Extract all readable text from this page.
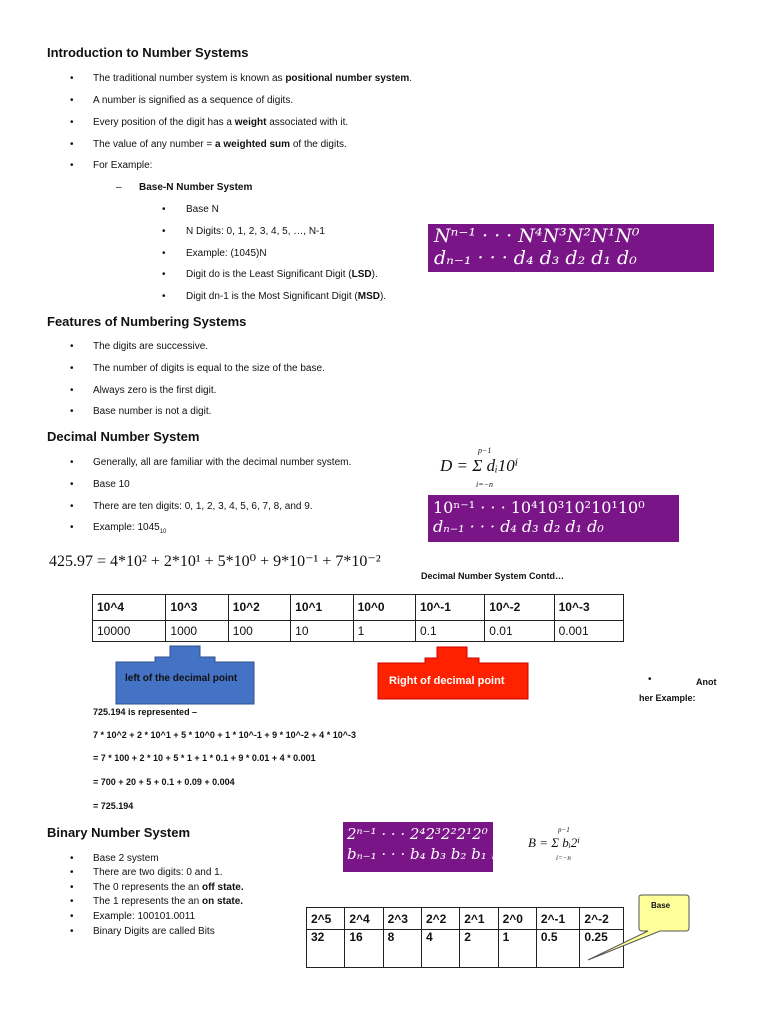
Introduction to Number Systems
• The traditional number system is known as positional number system.
• A number is signified as a sequence of digits.
• Every position of the digit has a weight associated with it.
• The value of any number = a weighted sum of the digits.
• For Example:
– Base-N Number System
• Base N
• N Digits: 0, 1, 2, 3, 4, 5, …, N-1
• Example: (1045)N
• Digit do is the Least Significant Digit (LSD).
• Digit dn-1 is the Most Significant Digit (MSD).
Nⁿ⁻¹ · · · N⁴N³N²N¹N⁰
dₙ₋₁ · · · d₄ d₃ d₂ d₁ d₀
Features of Numbering Systems
• The digits are successive.
• The number of digits is equal to the size of the base.
• Always zero is the first digit.
• Base number is not a digit.
Decimal Number System
• Generally, all are familiar with the decimal number system.
• Base 10
• There are ten digits: 0, 1, 2, 3, 4, 5, 6, 7, 8, and 9.
• Example: $1045_{10}$
p−1
D = Σ dᵢ10ⁱ
i=−n
10ⁿ⁻¹ · · · 10⁴10³10²10¹10⁰
dₙ₋₁ · · · d₄ d₃ d₂ d₁ d₀
425.97 = 4*10² + 2*10¹ + 5*10⁰ + 9*10⁻¹ + 7*10⁻²
Decimal Number System Contd…
10^4	10^3	10^2	10^1	10^0	10^-1	10^-2	10^-3
10000	1000	100	10	1	0.1	0.01	0.001
left of the decimal point	Right of decimal point	•	Anot
her Example:
725.194 is represented –
7 * 10^2 + 2 * 10^1 + 5 * 10^0 + 1 * 10^-1 + 9 * 10^-2 + 4 * 10^-3
= 7 * 100 + 2 * 10 + 5 * 1 + 1 * 0.1 + 9 * 0.01 + 4 * 0.001
= 700 + 20 + 5 + 0.1 + 0.09 + 0.004
= 725.194
Binary Number System
• Base 2 system
• There are two digits: 0 and 1.
• The 0 represents the an off state.
• The 1 represents the an on state.
• Example: 100101.0011
• Binary Digits are called Bits
2ⁿ⁻¹ · · · 2⁴2³2²2¹2⁰
bₙ₋₁ · · · b₄ b₃ b₂ b₁ b₀
p−1
B = Σ bᵢ2ⁱ
i=−n
2^5	2^4	2^3	2^2	2^1	2^0	2^-1	2^-2
32	16	8	4	2	1	0.5	0.25
Base
